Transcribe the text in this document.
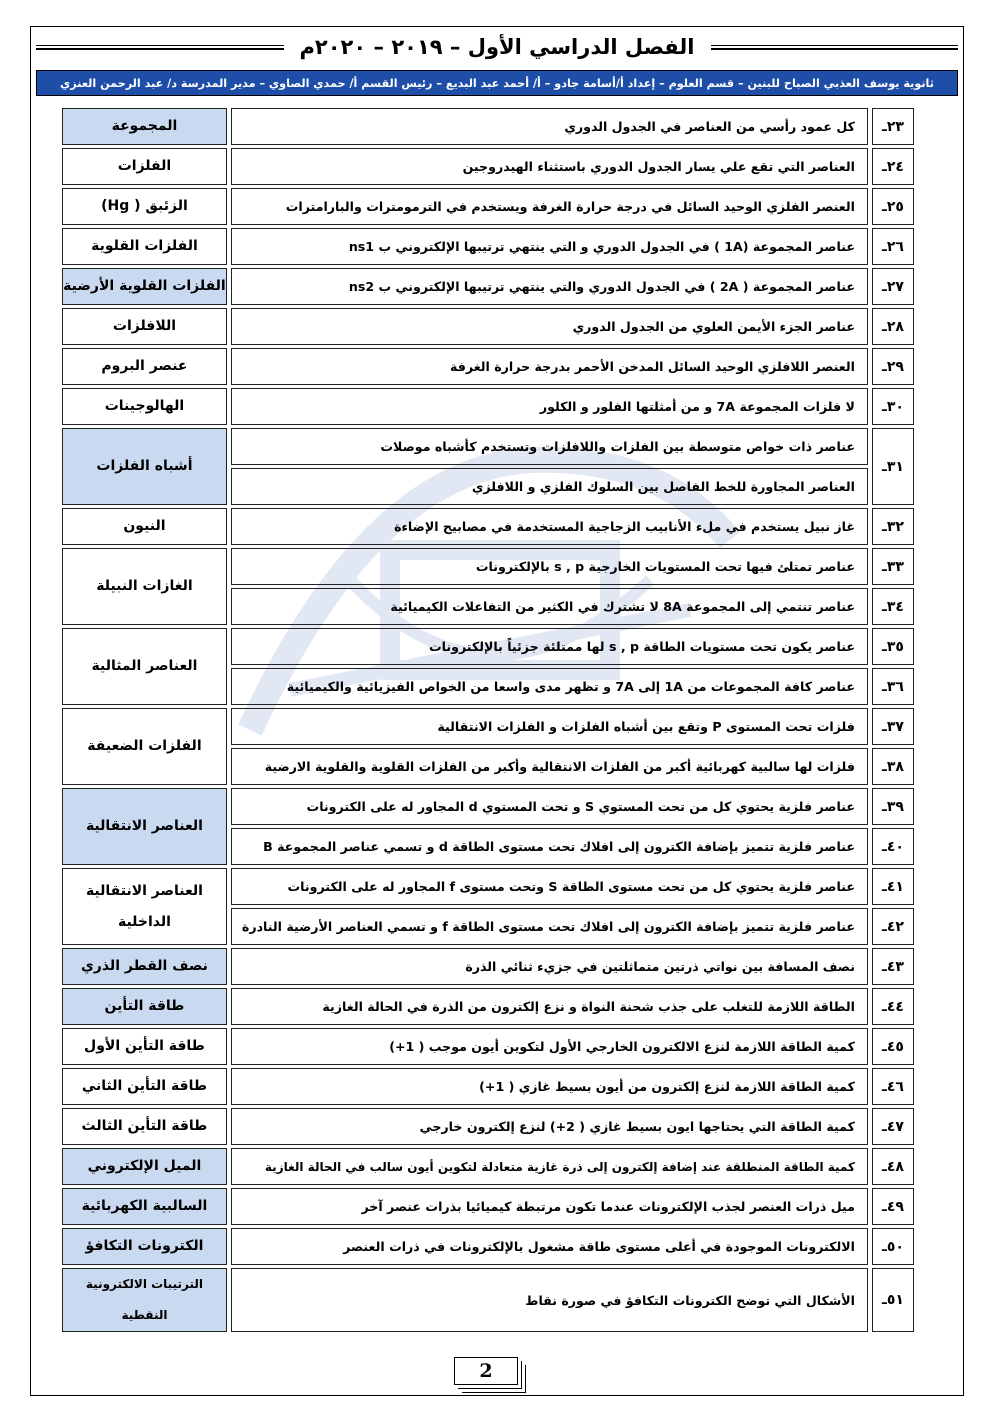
الفصل الدراسي الأول – ٢٠١٩ – ٢٠٢٠م
ثانوية يوسف العذبي الصباح للبنين – قسم العلوم – إعداد أ/أسامة جادو – أ/ أحمد عبد البديع – رئيس القسم أ/ حمدي الصاوي – مدير المدرسة د/ عبد الرحمن العنزي
المجموعة	كل عمود رأسي من العناصر في الجدول الدوري	٢٣ـ
الفلزات	العناصر التي تقع علي يسار الجدول الدوري باستثناء الهيدروجين	٢٤ـ
الزئبق ( Hg)	العنصر الفلزي الوحيد السائل في درجة حرارة الغرفة ويستخدم في الترمومترات والبارامترات	٢٥ـ
الفلزات القلوية	عناصر المجموعة (1A ) في الجدول الدوري و التي ينتهي ترتيبها الإلكتروني ب ns1	٢٦ـ
الفلزات القلوية الأرضية	عناصر المجموعة ( 2A ) في الجدول الدوري والتي ينتهي ترتيبها الإلكتروني ب ns2	٢٧ـ
اللافلزات	عناصر الجزء الأيمن العلوي من الجدول الدوري	٢٨ـ
عنصر البروم	العنصر اللافلزي الوحيد السائل المدخن الأحمر بدرجة حرارة الغرفة	٢٩ـ
الهالوجينات	لا فلزات المجموعة 7A و من أمثلتها الفلور و الكلور	٣٠ـ
أشباه الفلزات	عناصر ذات خواص متوسطة بين الفلزات واللافلزات وتستخدم كأشباه موصلات	٣١ـ
	العناصر المجاورة للخط الفاصل بين السلوك الفلزي و اللافلزي	
النيون	غاز نبيل يستخدم في ملء الأنابيب الزجاجية المستخدمة في مصابيح الإضاءة	٣٢ـ
الغازات النبيلة	عناصر تمتلئ فيها تحت المستويات الخارجية s , p بالإلكترونات	٣٣ـ
	عناصر تنتمي إلى المجموعة 8A لا تشترك في الكثير من التفاعلات الكيميائية	٣٤ـ
العناصر المثالية	عناصر يكون تحت مستويات الطاقة s , p لها ممتلئة جزئياً بالإلكترونات	٣٥ـ
	عناصر كافة المجموعات من 1A إلى 7A و تظهر مدى واسعا من الخواص الفيزيائية والكيميائية	٣٦ـ
الفلزات الضعيفة	فلزات تحت المستوى P وتقع بين أشباه الفلزات و الفلزات الانتقالية	٣٧ـ
	فلزات لها سالبية كهربائية أكبر من الفلزات الانتقالية وأكبر من الفلزات القلوية والقلوية الارضية	٣٨ـ
العناصر الانتقالية	عناصر فلزية يحتوي كل من تحت المستوي S و تحت المستوي d المجاور له على الكترونات	٣٩ـ
	عناصر فلزية تتميز بإضافة الكترون إلى افلاك تحت مستوى الطاقة d و تسمي عناصر المجموعة B	٤٠ـ
العناصر الانتقالية الداخلية	عناصر فلزية يحتوي كل من تحت مستوى الطاقة S وتحت مستوى f المجاور له على الكترونات	٤١ـ
	عناصر فلزية تتميز بإضافة الكترون إلى افلاك تحت مستوى الطاقة f و تسمي العناصر الأرضية النادرة	٤٢ـ
نصف القطر الذري	نصف المسافة بين نواتي ذرتين متماثلتين في جزيء ثنائي الذرة	٤٣ـ
طاقة التأين	الطاقة اللازمة للتغلب على جذب شحنة النواة و نزع إلكترون من الذرة في الحالة الغازية	٤٤ـ
طاقة التأين الأول	كمية الطاقة اللازمة لنزع الالكترون الخارجي الأول لتكوين أيون موجب ( 1+)	٤٥ـ
طاقة التأين الثاني	كمية الطاقة اللازمة لنزع إلكترون من أيون بسيط غازي ( 1+)	٤٦ـ
طاقة التأين الثالث	كمية الطاقة التي يحتاجها ايون بسيط غازي ( 2+) لنزع إلكترون خارجي	٤٧ـ
الميل الإلكتروني	كمية الطاقة المنطلقة عند إضافة إلكترون إلى ذرة غازية متعادلة لتكوين أيون سالب في الحالة الغازية	٤٨ـ
السالبية الكهربائية	ميل ذرات العنصر لجذب الإلكترونات عندما تكون مرتبطة كيميائيا بذرات عنصر آخر	٤٩ـ
الكترونات التكافؤ	الالكترونات الموجودة في أعلى مستوى طاقة مشغول بالإلكترونات في ذرات العنصر	٥٠ـ
الترتيبات الالكترونية النقطية	الأشكال التي توضح الكترونات التكافؤ في صورة نقاط	٥١ـ
2
